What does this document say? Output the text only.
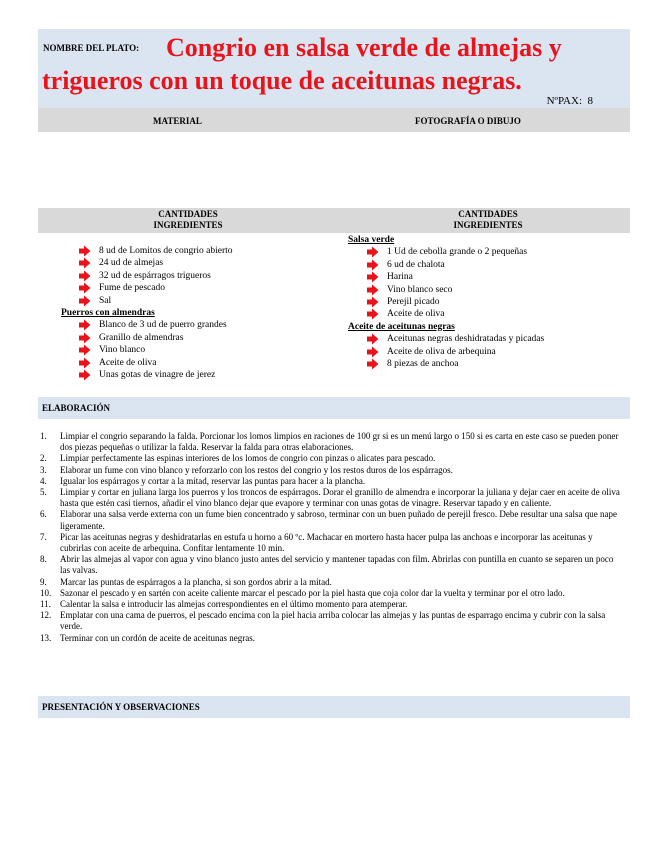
NOMBRE DEL PLATO:	Congrio en salsa verde de almejas y trigueros con un toque de aceitunas negras.
NºPAX: 8
MATERIAL	FOTOGRAFÍA O DIBUJO
CANTIDADES
INGREDIENTES
CANTIDADES
INGREDIENTES
8 ud de Lomitos de congrio abierto
24 ud de almejas
32 ud de espárragos trigueros
Fume de pescado
Sal
Puerros con almendras
Blanco de 3 ud de puerro grandes
Granillo de almendras
Vino blanco
Aceite de oliva
Unas gotas de vinagre de jerez
Salsa verde
1 Ud de cebolla grande o 2 pequeñas
6 ud de chalota
Harina
Vino blanco seco
Perejil picado
Aceite de oliva
Aceite de aceitunas negras
Aceitunas negras deshidratadas y picadas
Aceite de oliva de arbequina
8 piezas de anchoa
ELABORACIÓN
1. Limpiar el congrio separando la falda. Porcionar los lomos limpios en raciones de 100 gr si es un menú largo o 150 si es carta en este caso se pueden poner dos piezas pequeñas o utilizar la falda. Reservar la falda para otras elaboraciones.
2. Limpiar perfectamente las espinas interiores de los lomos de congrio con pinzas o alicates para pescado.
3. Elaborar un fume con vino blanco y reforzarlo con los restos del congrio y los restos duros de los espárragos.
4. Igualar los espárragos y cortar a la mitad, reservar las puntas para hacer a la plancha.
5. Limpiar y cortar en juliana larga los puerros y los troncos de espárragos. Dorar el granillo de almendra e incorporar la juliana y dejar caer en aceite de oliva hasta que estén casi tiernos, añadir el vino blanco dejar que evapore y terminar con unas gotas de vinagre. Reservar tapado y en caliente.
6. Elaborar una salsa verde externa con un fume bien concentrado y sabroso, terminar con un buen puñado de perejil fresco. Debe resultar una salsa que nape ligeramente.
7. Picar las aceitunas negras y deshidratarlas en estufa u horno a 60 ºc. Machacar en mortero hasta hacer pulpa las anchoas e incorporar las aceitunas y cubrirlas con aceite de arbequina. Confitar lentamente 10 min.
8. Abrir las almejas al vapor con agua y vino blanco justo antes del servicio y mantener tapadas con film. Abrirlas con puntilla en cuanto se separen un poco las valvas.
9. Marcar las puntas de espárragos a la plancha, si son gordos abrir a la mitad.
10. Sazonar el pescado y en sartén con aceite caliente marcar el pescado por la piel hasta que coja color dar la vuelta y terminar por el otro lado.
11. Calentar la salsa e introducir las almejas correspondientes en el último momento para atemperar.
12. Emplatar con una cama de puerros, el pescado encima con la piel hacia arriba colocar las almejas y las puntas de esparrago encima y cubrir con la salsa verde.
13. Terminar con un cordón de aceite de aceitunas negras.
PRESENTACIÓN Y OBSERVACIONES
